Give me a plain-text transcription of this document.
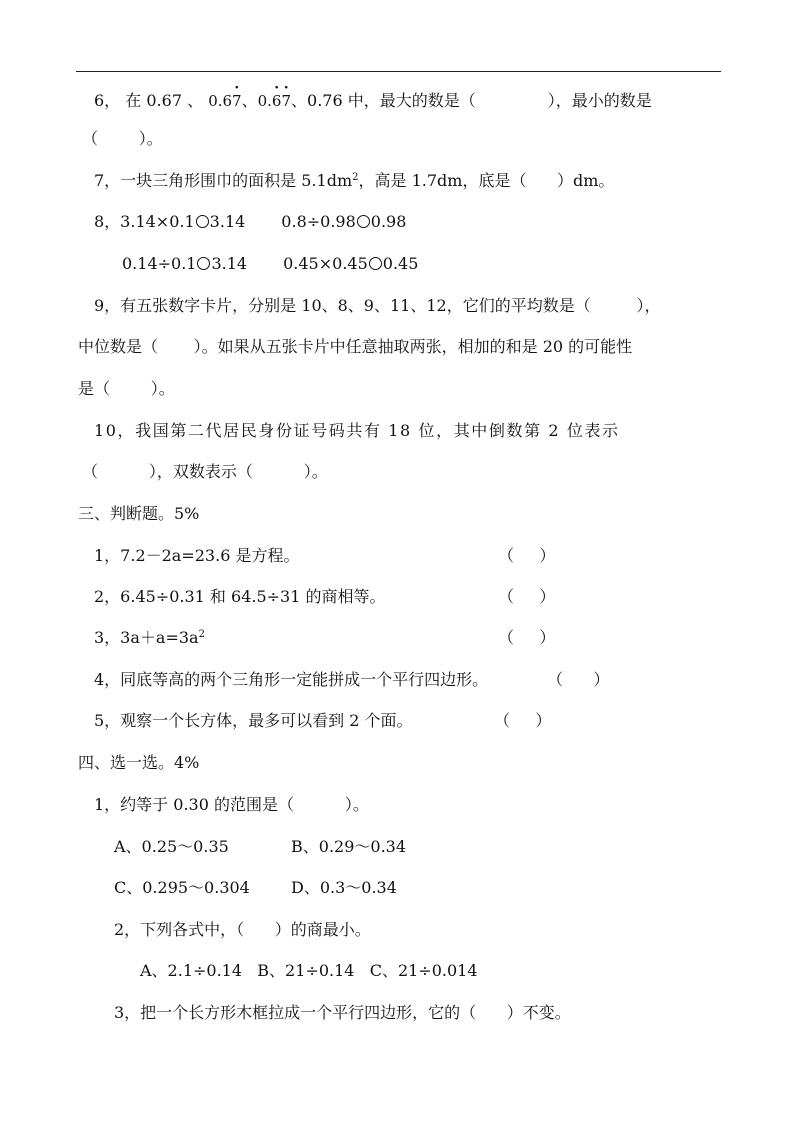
6， 在 0.67 、 0.6· 7、0.· 6· 7、0.76 中，最大的数是（	），最小的数是
（        ）。
7，一块三角形围巾的面积是 $5.1dm^2$，高是 1.7dm，底是（      ）dm。
8，3.14×0.1 3.14 0.8÷0.98 0.98
0.14÷0.1 3.14 0.45×0.45 0.45
9，有五张数字卡片，分别是 10、8、9、11、12，它们的平均数是（         ），
中位数是（       ）。如果从五张卡片中任意抽取两张，相加的和是 20 的可能性
是（        ）。
10，我国第二代居民身份证号码共有 18 位，其中倒数第 2 位表示
（          ），双数表示（          ）。
三、判断题。5%
1，7.2－2a=23.6 是方程。	（     ）
2，6.45÷0.31 和 64.5÷31 的商相等。	（     ）
3，$3a+a=3a^2$	（     ）
4，同底等高的两个三角形一定能拼成一个平行四边形。	（      ）
5，观察一个长方体，最多可以看到 2 个面。	（     ）
四、选一选。4%
1，约等于 0.30 的范围是（          ）。
A、0.25～0.35	B、0.29～0.34
C、0.295～0.304	D、0.3～0.34
2，下列各式中，（      ）的商最小。
A、2.1÷0.14   B、21÷0.14   C、21÷0.014
3，把一个长方形木框拉成一个平行四边形，它的（      ）不变。
